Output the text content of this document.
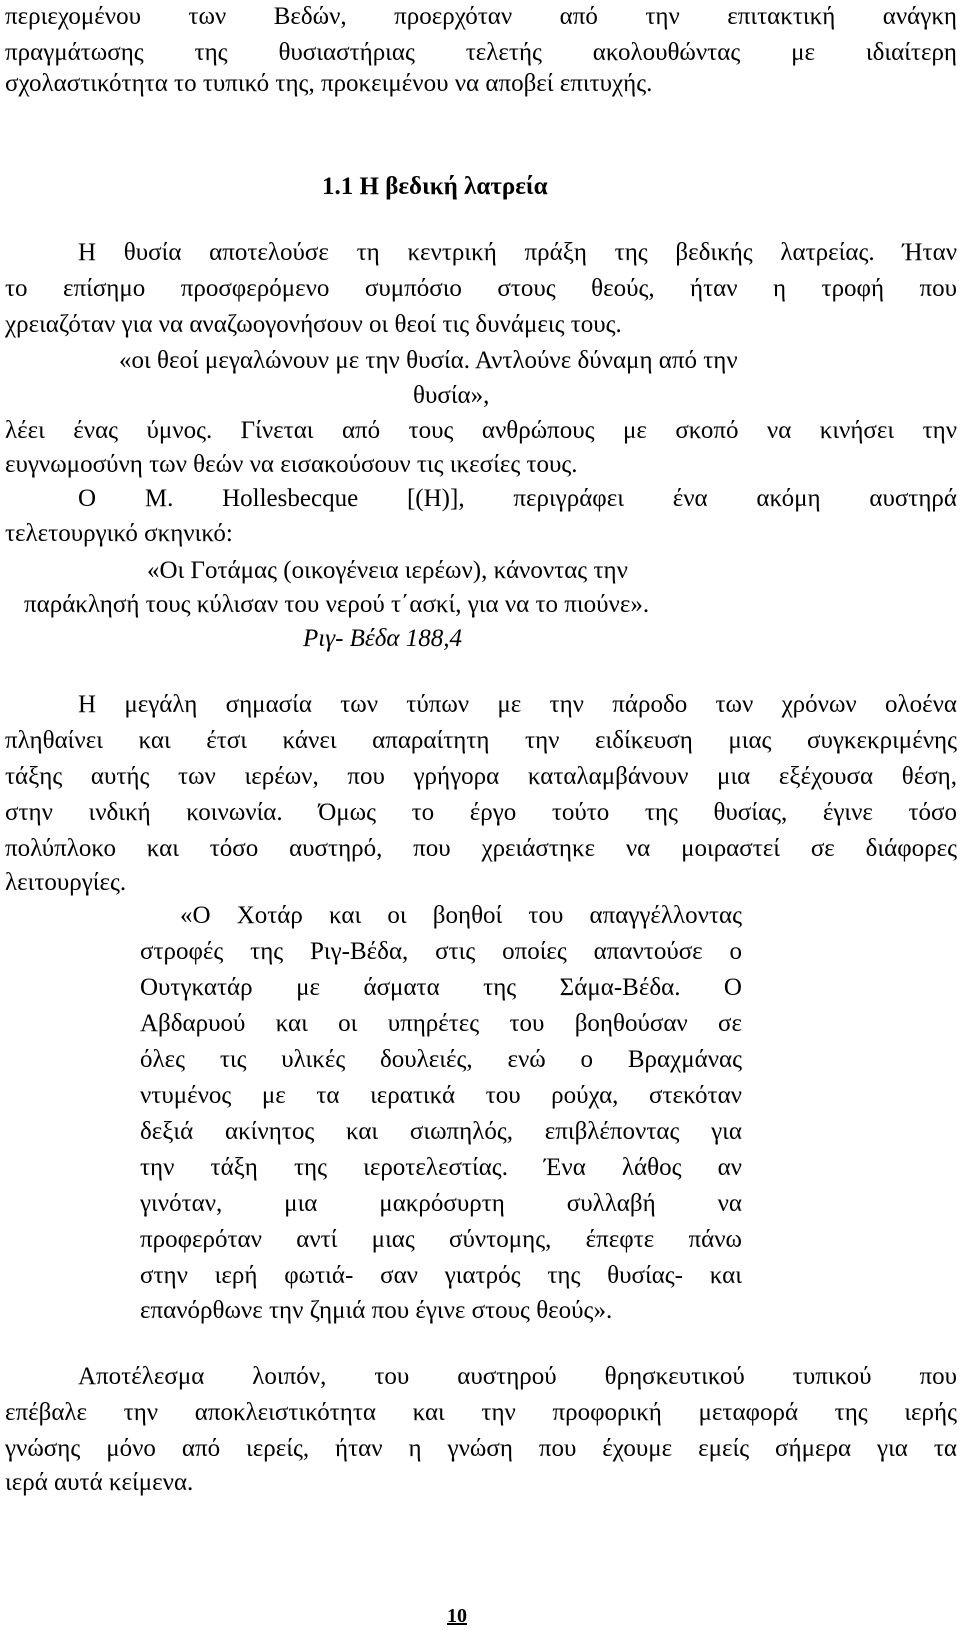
περιεχομένου των Βεδών, προερχόταν από την επιτακτική ανάγκη
πραγμάτωσης της θυσιαστήριας τελετής ακολουθώντας με ιδιαίτερη
σχολαστικότητα το τυπικό της, προκειμένου να αποβεί επιτυχής.
1.1 Η βεδική λατρεία
Η θυσία αποτελούσε τη κεντρική πράξη της βεδικής λατρείας. Ήταν
το επίσημο προσφερόμενο συμπόσιο στους θεούς, ήταν η τροφή που
χρειαζόταν για να αναζωογονήσουν οι θεοί τις δυνάμεις τους.
«οι θεοί μεγαλώνουν με την θυσία. Αντλούνε δύναμη από την
θυσία»,
λέει ένας ύμνος. Γίνεται από τους ανθρώπους με σκοπό να κινήσει την
ευγνωμοσύνη των θεών να εισακούσουν τις ικεσίες τους.
Ο Μ. Hollesbecque [(H)], περιγράφει ένα ακόμη αυστηρά
τελετουργικό σκηνικό:
«Οι Γοτάμας (οικογένεια ιερέων), κάνοντας την
παράκλησή τους κύλισαν του νερού τ΄ασκί, για να το πιούνε».
Ριγ- Βέδα 188,4
Η μεγάλη σημασία των τύπων με την πάροδο των χρόνων ολοένα
πληθαίνει και έτσι κάνει απαραίτητη την ειδίκευση μιας συγκεκριμένης
τάξης αυτής των ιερέων, που γρήγορα καταλαμβάνουν μια εξέχουσα θέση,
στην ινδική κοινωνία. Όμως το έργο τούτο της θυσίας, έγινε τόσο
πολύπλοκο και τόσο αυστηρό, που χρειάστηκε να μοιραστεί σε διάφορες
λειτουργίες.
«Ο Χοτάρ και οι βοηθοί του απαγγέλλοντας
στροφές της Ριγ-Βέδα, στις οποίες απαντούσε ο
Ουτγκατάρ με άσματα της Σάμα-Βέδα. Ο
Αβδαρυού και οι υπηρέτες του βοηθούσαν σε
όλες τις υλικές δουλειές, ενώ ο Βραχμάνας
ντυμένος με τα ιερατικά του ρούχα, στεκόταν
δεξιά ακίνητος και σιωπηλός, επιβλέποντας για
την τάξη της ιεροτελεστίας. Ένα λάθος αν
γινόταν, μια μακρόσυρτη συλλαβή να
προφερόταν αντί μιας σύντομης, έπεφτε πάνω
στην ιερή φωτιά- σαν γιατρός της θυσίας- και
επανόρθωνε την ζημιά που έγινε στους θεούς».
Αποτέλεσμα λοιπόν, του αυστηρού θρησκευτικού τυπικού που
επέβαλε την αποκλειστικότητα και την προφορική μεταφορά της ιερής
γνώσης μόνο από ιερείς, ήταν η γνώση που έχουμε εμείς σήμερα για τα
ιερά αυτά κείμενα.
10
